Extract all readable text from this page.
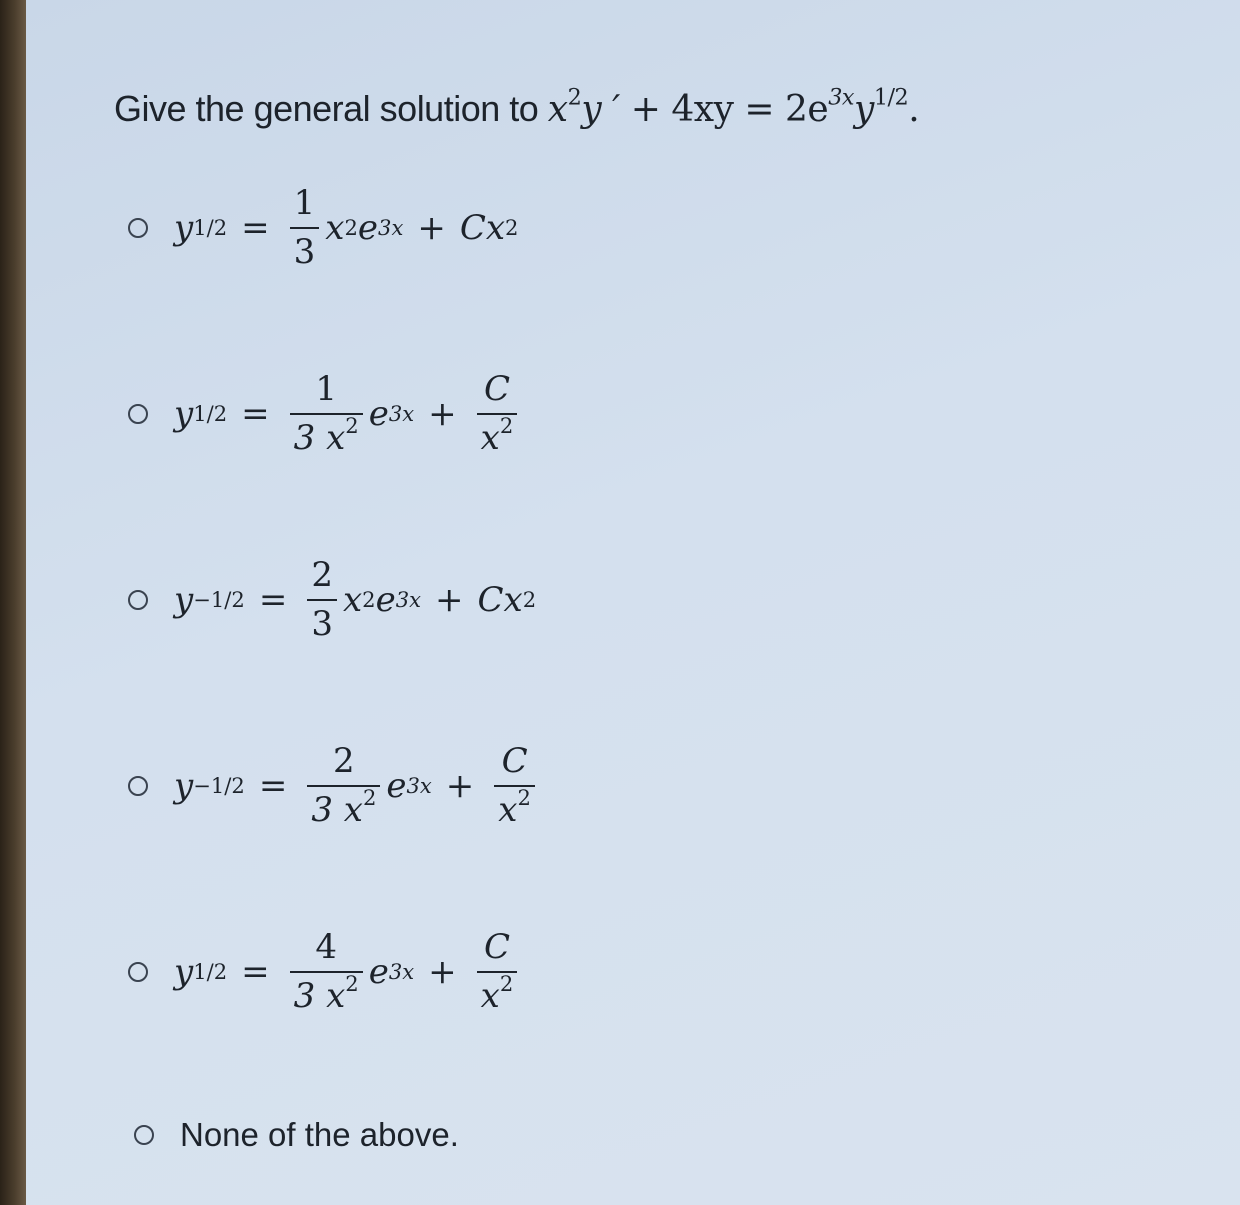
Give the general solution to $x^2y$ ′ + $4xy = 2e^{3x}y^{1/2}$.
y $1/2 = \frac{1}{3}$ x 2 e 3x + Cx 2
y $1/2 = \frac{1}{3 x^2}$ e $3x + \frac{C}{x^2}$
$y -1/2 = \frac{2}{3}$ x 2 e 3x + Cx 2
$y -1/2 = \frac{2}{3 x^2}$ e $3x + \frac{C}{x^2}$
y $1/2 = \frac{4}{3 x^2}$ e $3x + \frac{C}{x^2}$
None of the above.
